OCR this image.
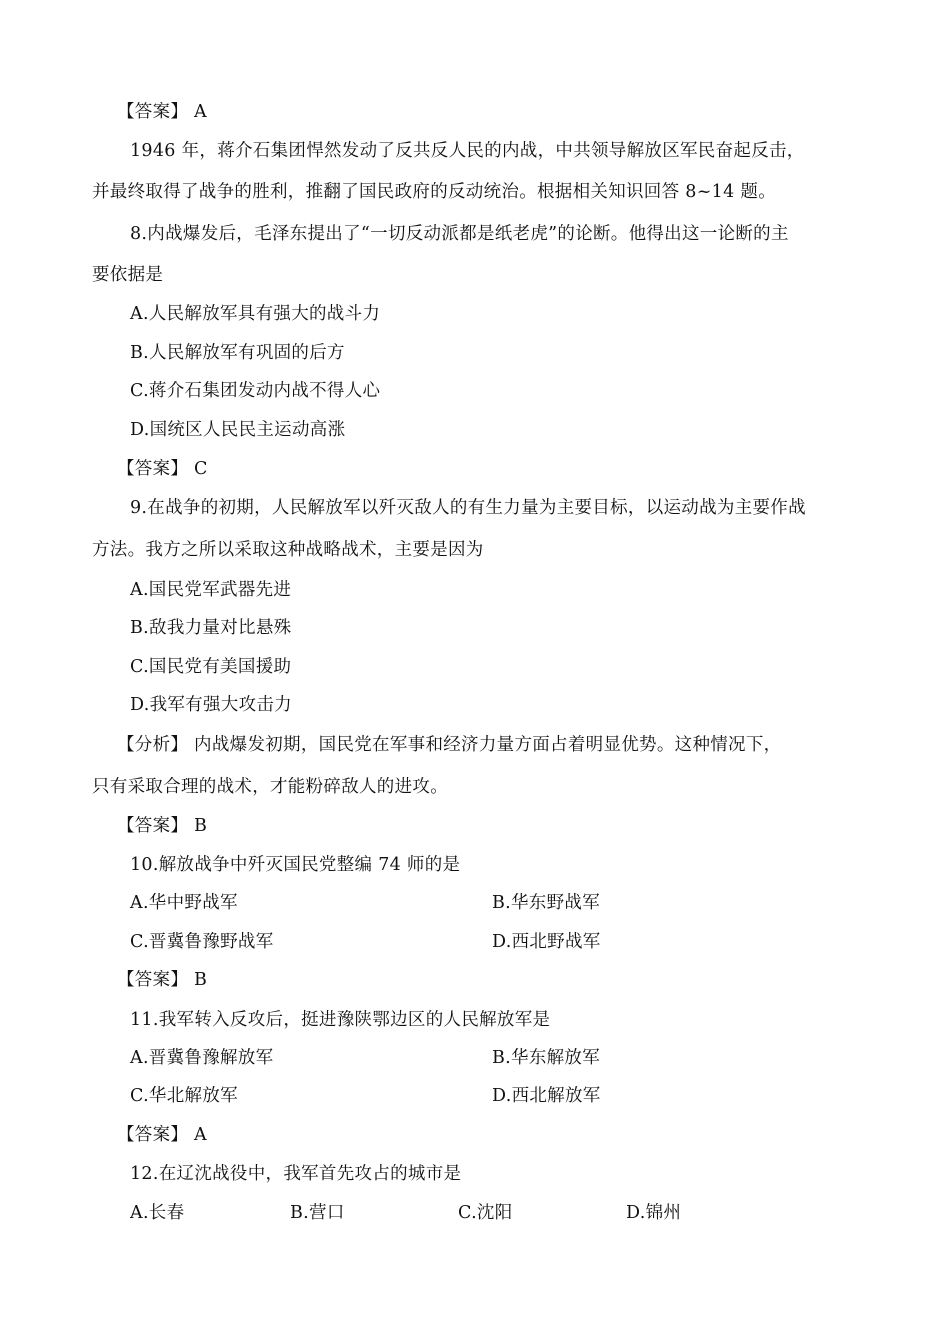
【答案】 A
1946 年，蒋介石集团悍然发动了反共反人民的内战，中共领导解放区军民奋起反击，
并最终取得了战争的胜利，推翻了国民政府的反动统治。根据相关知识回答 8~14 题。
8.内战爆发后，毛泽东提出了“一切反动派都是纸老虎”的论断。他得出这一论断的主
要依据是
A.人民解放军具有强大的战斗力
B.人民解放军有巩固的后方
C.蒋介石集团发动内战不得人心
D.国统区人民民主运动高涨
【答案】 C
9.在战争的初期，人民解放军以歼灭敌人的有生力量为主要目标，以运动战为主要作战
方法。我方之所以采取这种战略战术，主要是因为
A.国民党军武器先进
B.敌我力量对比悬殊
C.国民党有美国援助
D.我军有强大攻击力
【分析】 内战爆发初期，国民党在军事和经济力量方面占着明显优势。这种情况下，
只有采取合理的战术，才能粉碎敌人的进攻。
【答案】 B
10.解放战争中歼灭国民党整编 74 师的是
A.华中野战军	B.华东野战军
C.晋冀鲁豫野战军	D.西北野战军
【答案】 B
11.我军转入反攻后，挺进豫陕鄂边区的人民解放军是
A.晋冀鲁豫解放军	B.华东解放军
C.华北解放军	D.西北解放军
【答案】 A
12.在辽沈战役中，我军首先攻占的城市是
A.长春	B.营口	C.沈阳	D.锦州
